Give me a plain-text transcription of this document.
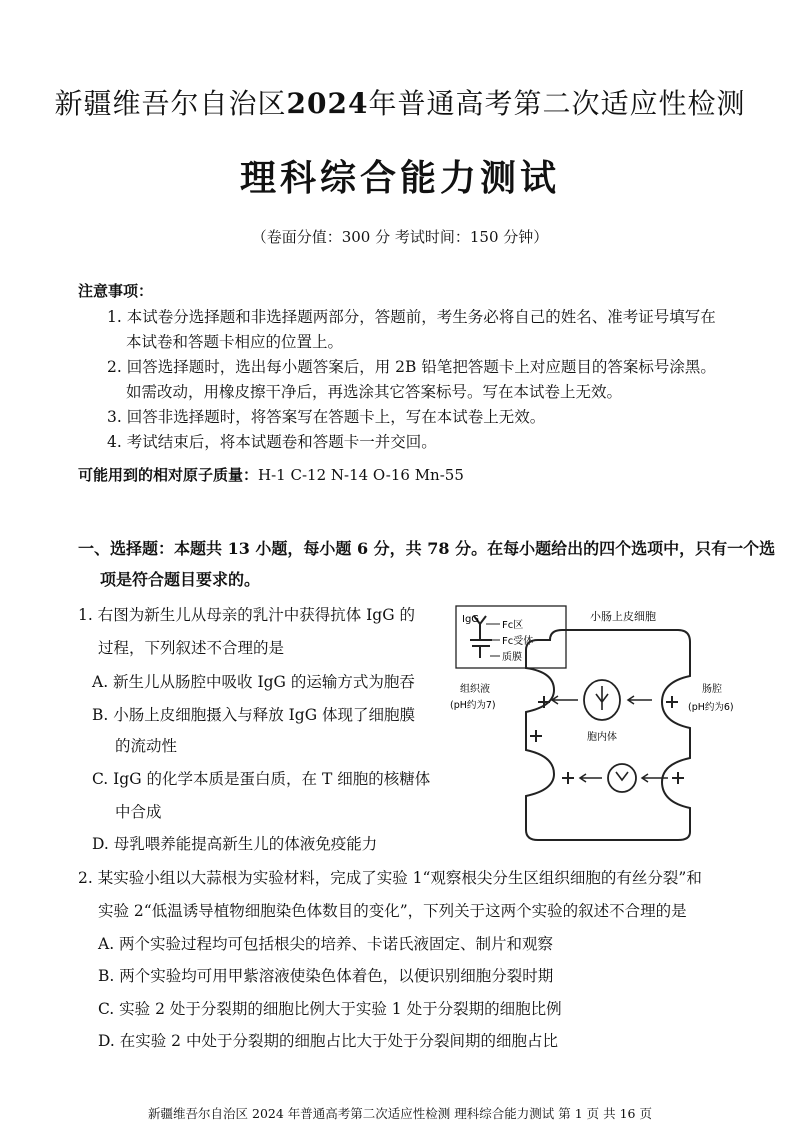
新疆维吾尔自治区2024年普通高考第二次适应性检测
理科综合能力测试
（卷面分值：300 分 考试时间：150 分钟）
注意事项：
1. 本试卷分选择题和非选择题两部分，答题前，考生务必将自己的姓名、准考证号填写在
本试卷和答题卡相应的位置上。
2. 回答选择题时，选出每小题答案后，用 2B 铅笔把答题卡上对应题目的答案标号涂黑。
如需改动，用橡皮擦干净后，再选涂其它答案标号。写在本试卷上无效。
3. 回答非选择题时，将答案写在答题卡上，写在本试卷上无效。
4. 考试结束后，将本试题卷和答题卡一并交回。
可能用到的相对原子质量：H-1 C-12 N-14 O-16 Mn-55
一、选择题：本题共 13 小题，每小题 6 分，共 78 分。在每小题给出的四个选项中，只有一个选
项是符合题目要求的。
1. 右图为新生儿从母亲的乳汁中获得抗体 IgG 的
过程，下列叙述不合理的是
A. 新生儿从肠腔中吸收 IgG 的运输方式为胞吞
B. 小肠上皮细胞摄入与释放 IgG 体现了细胞膜
的流动性
C. IgG 的化学本质是蛋白质，在 T 细胞的核糖体
中合成
D. 母乳喂养能提高新生儿的体液免疫能力
IgG
Fc区
Fc受体
质膜
小肠上皮细胞
组织液
(pH约为7)
肠腔
(pH约为6)
胞内体
2. 某实验小组以大蒜根为实验材料，完成了实验 1“观察根尖分生区组织细胞的有丝分裂”和
实验 2“低温诱导植物细胞染色体数目的变化”，下列关于这两个实验的叙述不合理的是
A. 两个实验过程均可包括根尖的培养、卡诺氏液固定、制片和观察
B. 两个实验均可用甲紫溶液使染色体着色，以便识别细胞分裂时期
C. 实验 2 处于分裂期的细胞比例大于实验 1 处于分裂期的细胞比例
D. 在实验 2 中处于分裂期的细胞占比大于处于分裂间期的细胞占比
新疆维吾尔自治区 2024 年普通高考第二次适应性检测 理科综合能力测试 第 1 页 共 16 页
